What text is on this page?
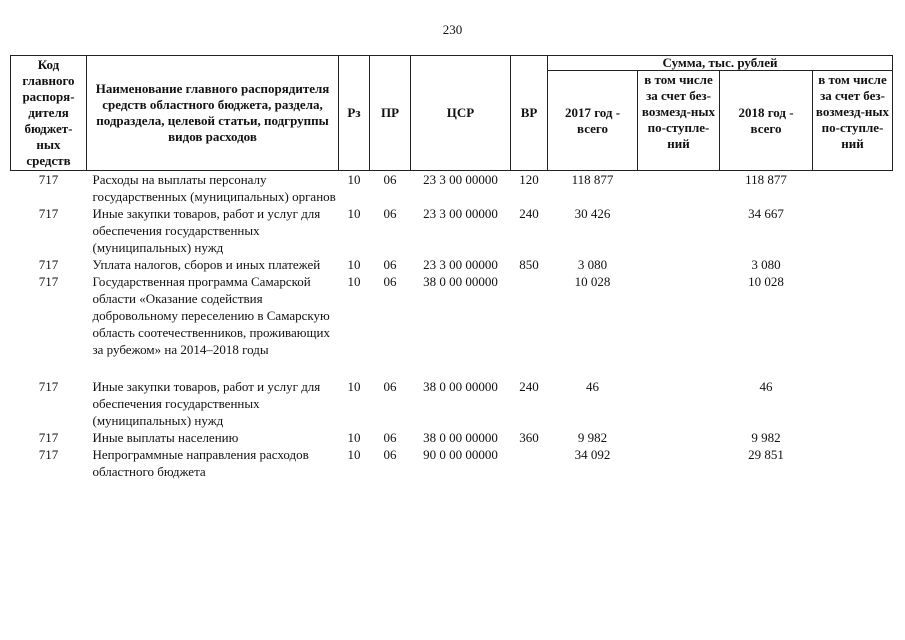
230
Код главного распоря-дителя бюджет-ных средств	Наименование главного распорядителя средств областного бюджета, раздела, подраздела, целевой статьи, подгруппы видов расходов	Рз	ПР	ЦСР	ВР	Сумма, тыс. рублей			
						2017 год - всего	в том числе за счет без-возмезд-ных по-ступле-ний	2018 год - всего	в том числе за счет без-возмезд-ных по-ступле-ний
717	Расходы на выплаты персоналу государственных (муниципальных) органов	10	06	23 3 00 00000	120	118 877		118 877	
717	Иные закупки товаров, работ и услуг для обеспечения государственных (муниципальных) нужд	10	06	23 3 00 00000	240	30 426		34 667	
717	Уплата налогов, сборов и иных платежей	10	06	23 3 00 00000	850	3 080		3 080	
717	Государственная программа Самарской области «Оказание содействия добровольному переселению в Самарскую область соотечественников, проживающих за рубежом» на 2014–2018 годы	10	06	38 0 00 00000		10 028		10 028	

717	Иные закупки товаров, работ и услуг для обеспечения государственных (муниципальных) нужд	10	06	38 0 00 00000	240	46		46	
717	Иные выплаты населению	10	06	38 0 00 00000	360	9 982		9 982	
717	Непрограммные направления расходов областного бюджета	10	06	90 0 00 00000		34 092		29 851	
